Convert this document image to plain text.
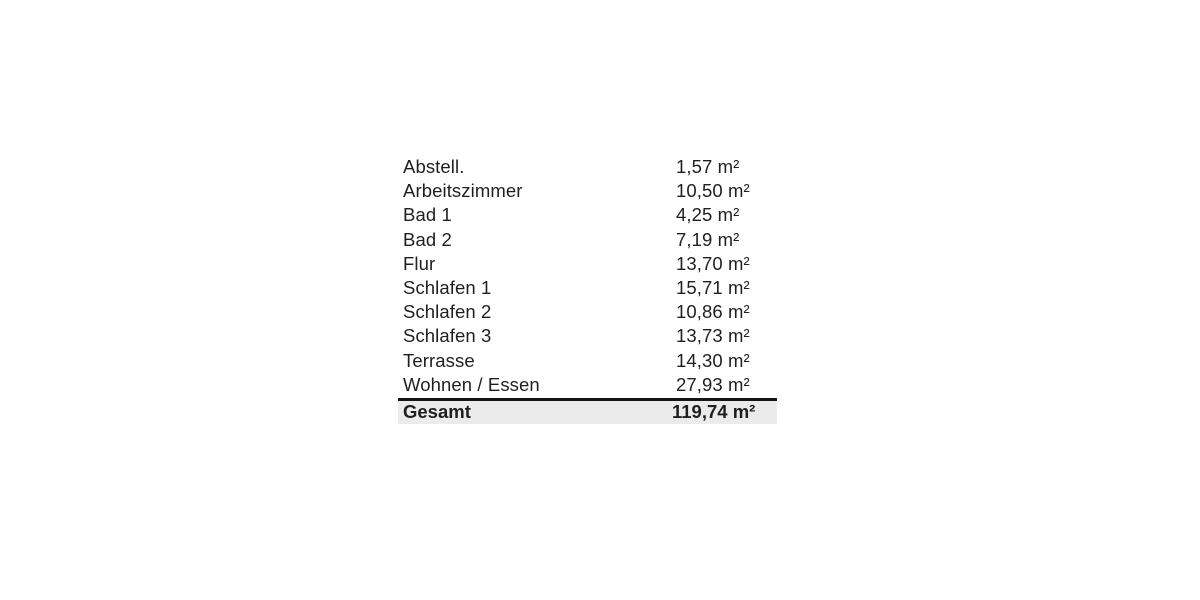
Abstell.	1,57 m²
Arbeitszimmer	10,50 m²
Bad 1	4,25 m²
Bad 2	7,19 m²
Flur	13,70 m²
Schlafen 1	15,71 m²
Schlafen 2	10,86 m²
Schlafen 3	13,73 m²
Terrasse	14,30 m²
Wohnen / Essen	27,93 m²
Gesamt	119,74 m²
